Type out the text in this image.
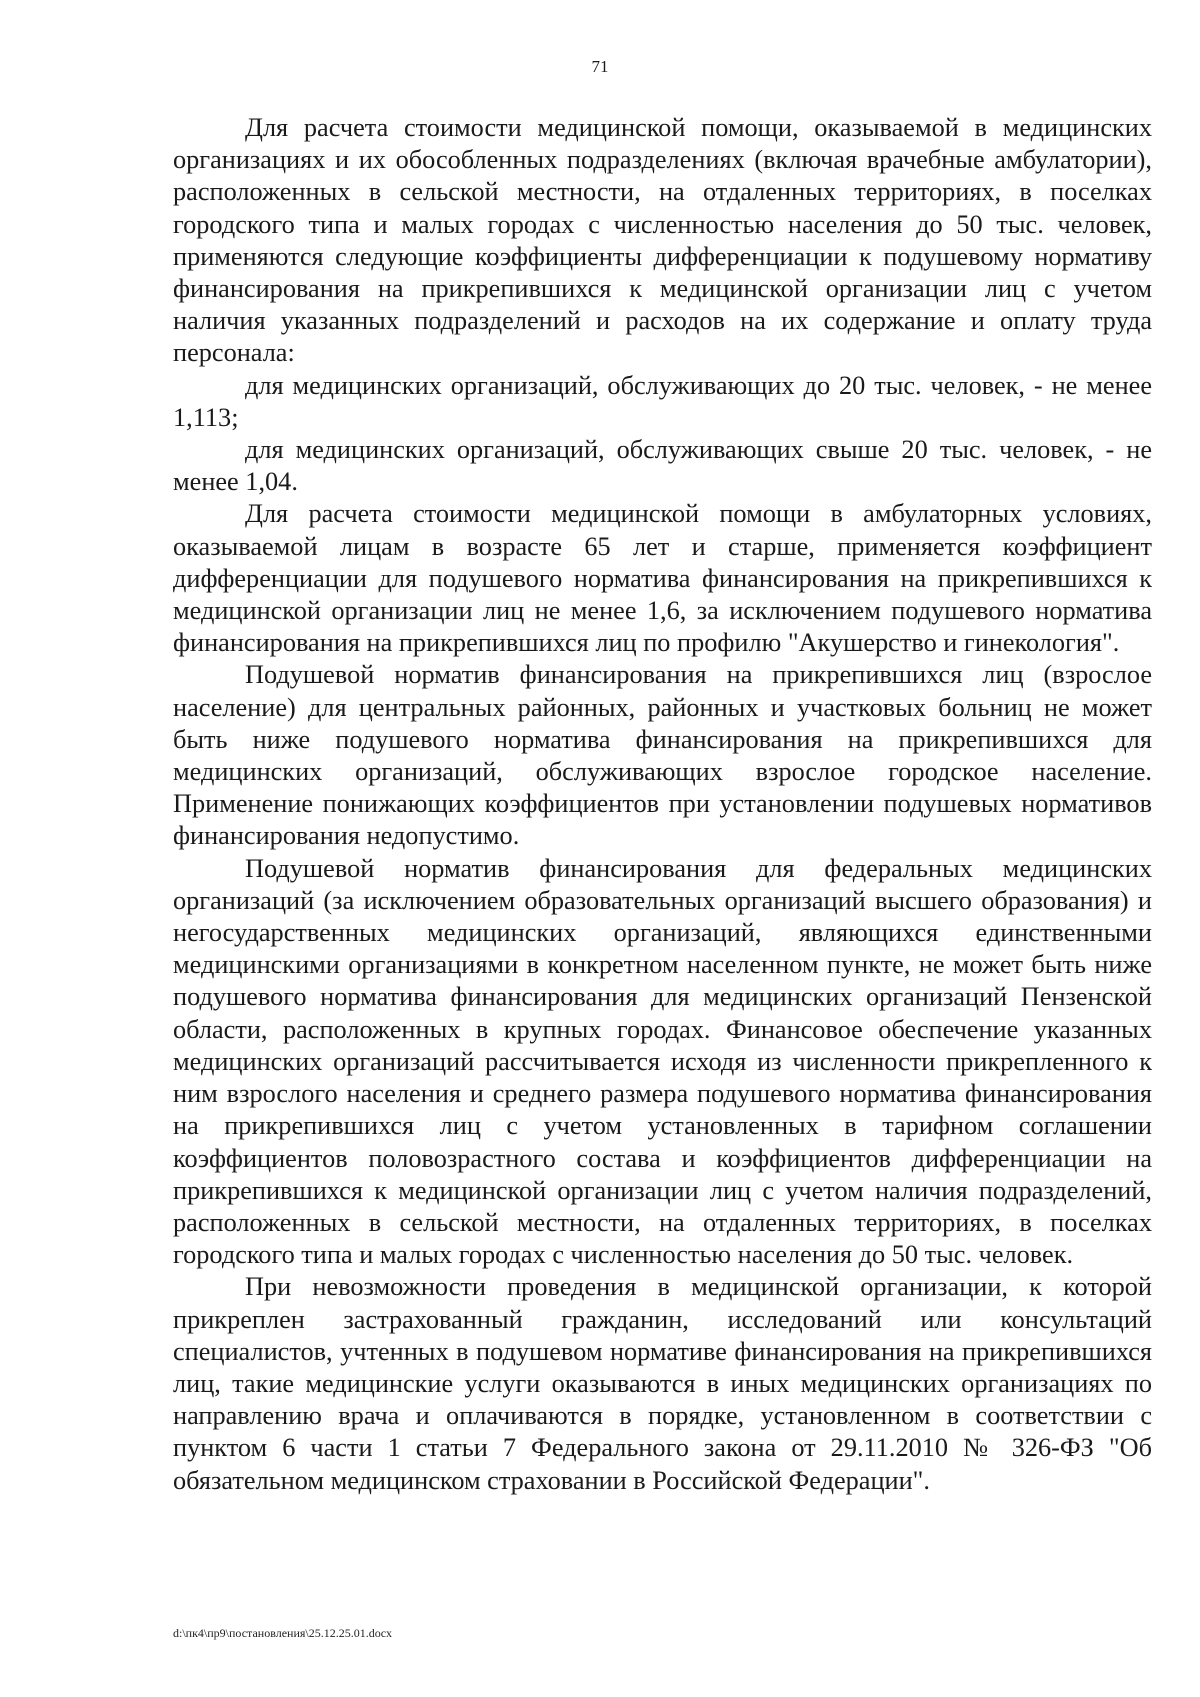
71

Для расчета стоимости медицинской помощи, оказываемой в медицинских организациях и их обособленных подразделениях (включая врачебные амбулатории), расположенных в сельской местности, на отдаленных территориях, в поселках городского типа и малых городах с численностью населения до 50 тыс. человек, применяются следующие коэффициенты дифференциации к подушевому нормативу финансирования на прикрепившихся к медицинской организации лиц с учетом наличия указанных подразделений и расходов на их содержание и оплату труда персонала:

для медицинских организаций, обслуживающих до 20 тыс. человек, - не менее 1,113;

для медицинских организаций, обслуживающих свыше 20 тыс. человек, - не менее 1,04.

Для расчета стоимости медицинской помощи в амбулаторных условиях, оказываемой лицам в возрасте 65 лет и старше, применяется коэффициент дифференциации для подушевого норматива финансирования на прикрепившихся к медицинской организации лиц не менее 1,6, за исключением подушевого норматива финансирования на прикрепившихся лиц по профилю "Акушерство и гинекология".

Подушевой норматив финансирования на прикрепившихся лиц (взрослое население) для центральных районных, районных и участковых больниц не может быть ниже подушевого норматива финансирования на прикрепившихся для медицинских организаций, обслуживающих взрослое городское население. Применение понижающих коэффициентов при установлении подушевых нормативов финансирования недопустимо.

Подушевой норматив финансирования для федеральных медицинских организаций (за исключением образовательных организаций высшего образования) и негосударственных медицинских организаций, являющихся единственными медицинскими организациями в конкретном населенном пункте, не может быть ниже подушевого норматива финансирования для медицинских организаций Пензенской области, расположенных в крупных городах. Финансовое обеспечение указанных медицинских организаций рассчитывается исходя из численности прикрепленного к ним взрослого населения и среднего размера подушевого норматива финансирования на прикрепившихся лиц с учетом установленных в тарифном соглашении коэффициентов половозрастного состава и коэффициентов дифференциации на прикрепившихся к медицинской организации лиц с учетом наличия подразделений, расположенных в сельской местности, на отдаленных территориях, в поселках городского типа и малых городах с численностью населения до 50 тыс. человек.

При невозможности проведения в медицинской организации, к которой прикреплен застрахованный гражданин, исследований или консультаций специалистов, учтенных в подушевом нормативе финансирования на прикрепившихся лиц, такие медицинские услуги оказываются в иных медицинских организациях по направлению врача и оплачиваются в порядке, установленном в соответствии с пунктом 6 части 1 статьи 7 Федерального закона от 29.11.2010 № 326-ФЗ "Об обязательном медицинском страховании в Российской Федерации".

d:\пк4\пр9\постановления\25.12.25.01.docx
